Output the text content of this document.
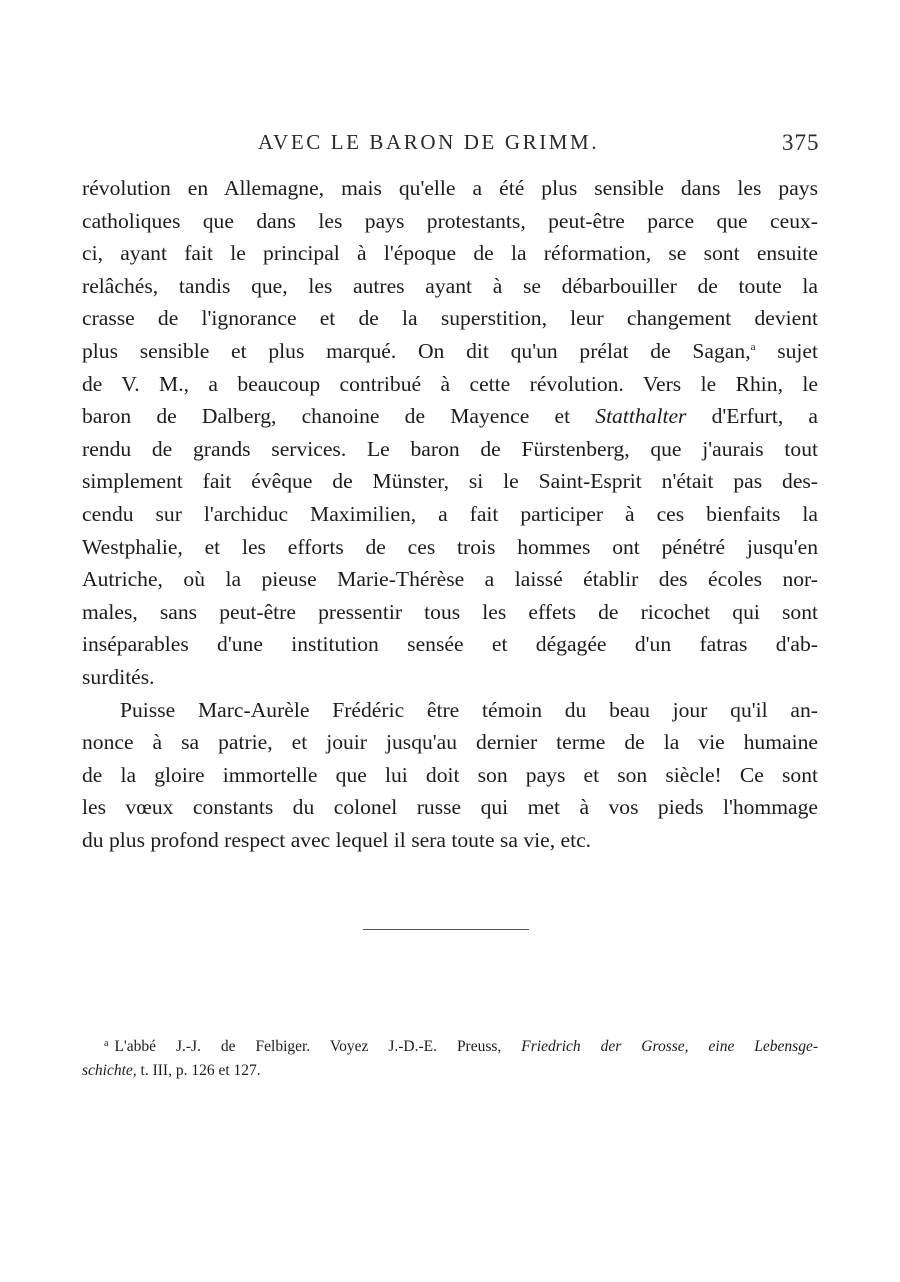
AVEC LE BARON DE GRIMM.	375
révolution en Allemagne, mais qu'elle a été plus sensible dans les pays
catholiques que dans les pays protestants, peut-être parce que ceux-
ci, ayant fait le principal à l'époque de la réformation, se sont ensuite
relâchés, tandis que, les autres ayant à se débarbouiller de toute la
crasse de l'ignorance et de la superstition, leur changement devient
plus sensible et plus marqué. On dit qu'un prélat de Sagan,$^a$ sujet
de V. M., a beaucoup contribué à cette révolution. Vers le Rhin, le
baron de Dalberg, chanoine de Mayence et Statthalter d'Erfurt, a
rendu de grands services. Le baron de Fürstenberg, que j'aurais tout
simplement fait évêque de Münster, si le Saint-Esprit n'était pas des-
cendu sur l'archiduc Maximilien, a fait participer à ces bienfaits la
Westphalie, et les efforts de ces trois hommes ont pénétré jusqu'en
Autriche, où la pieuse Marie-Thérèse a laissé établir des écoles nor-
males, sans peut-être pressentir tous les effets de ricochet qui sont
inséparables d'une institution sensée et dégagée d'un fatras d'ab-
surdités.
Puisse Marc-Aurèle Frédéric être témoin du beau jour qu'il an-
nonce à sa patrie, et jouir jusqu'au dernier terme de la vie humaine
de la gloire immortelle que lui doit son pays et son siècle! Ce sont
les vœux constants du colonel russe qui met à vos pieds l'hommage
du plus profond respect avec lequel il sera toute sa vie, etc.
$^a$ L'abbé J.-J. de Felbiger. Voyez J.-D.-E. Preuss, Friedrich der Grosse, eine Lebensge-
schichte, t. III, p. 126 et 127.
